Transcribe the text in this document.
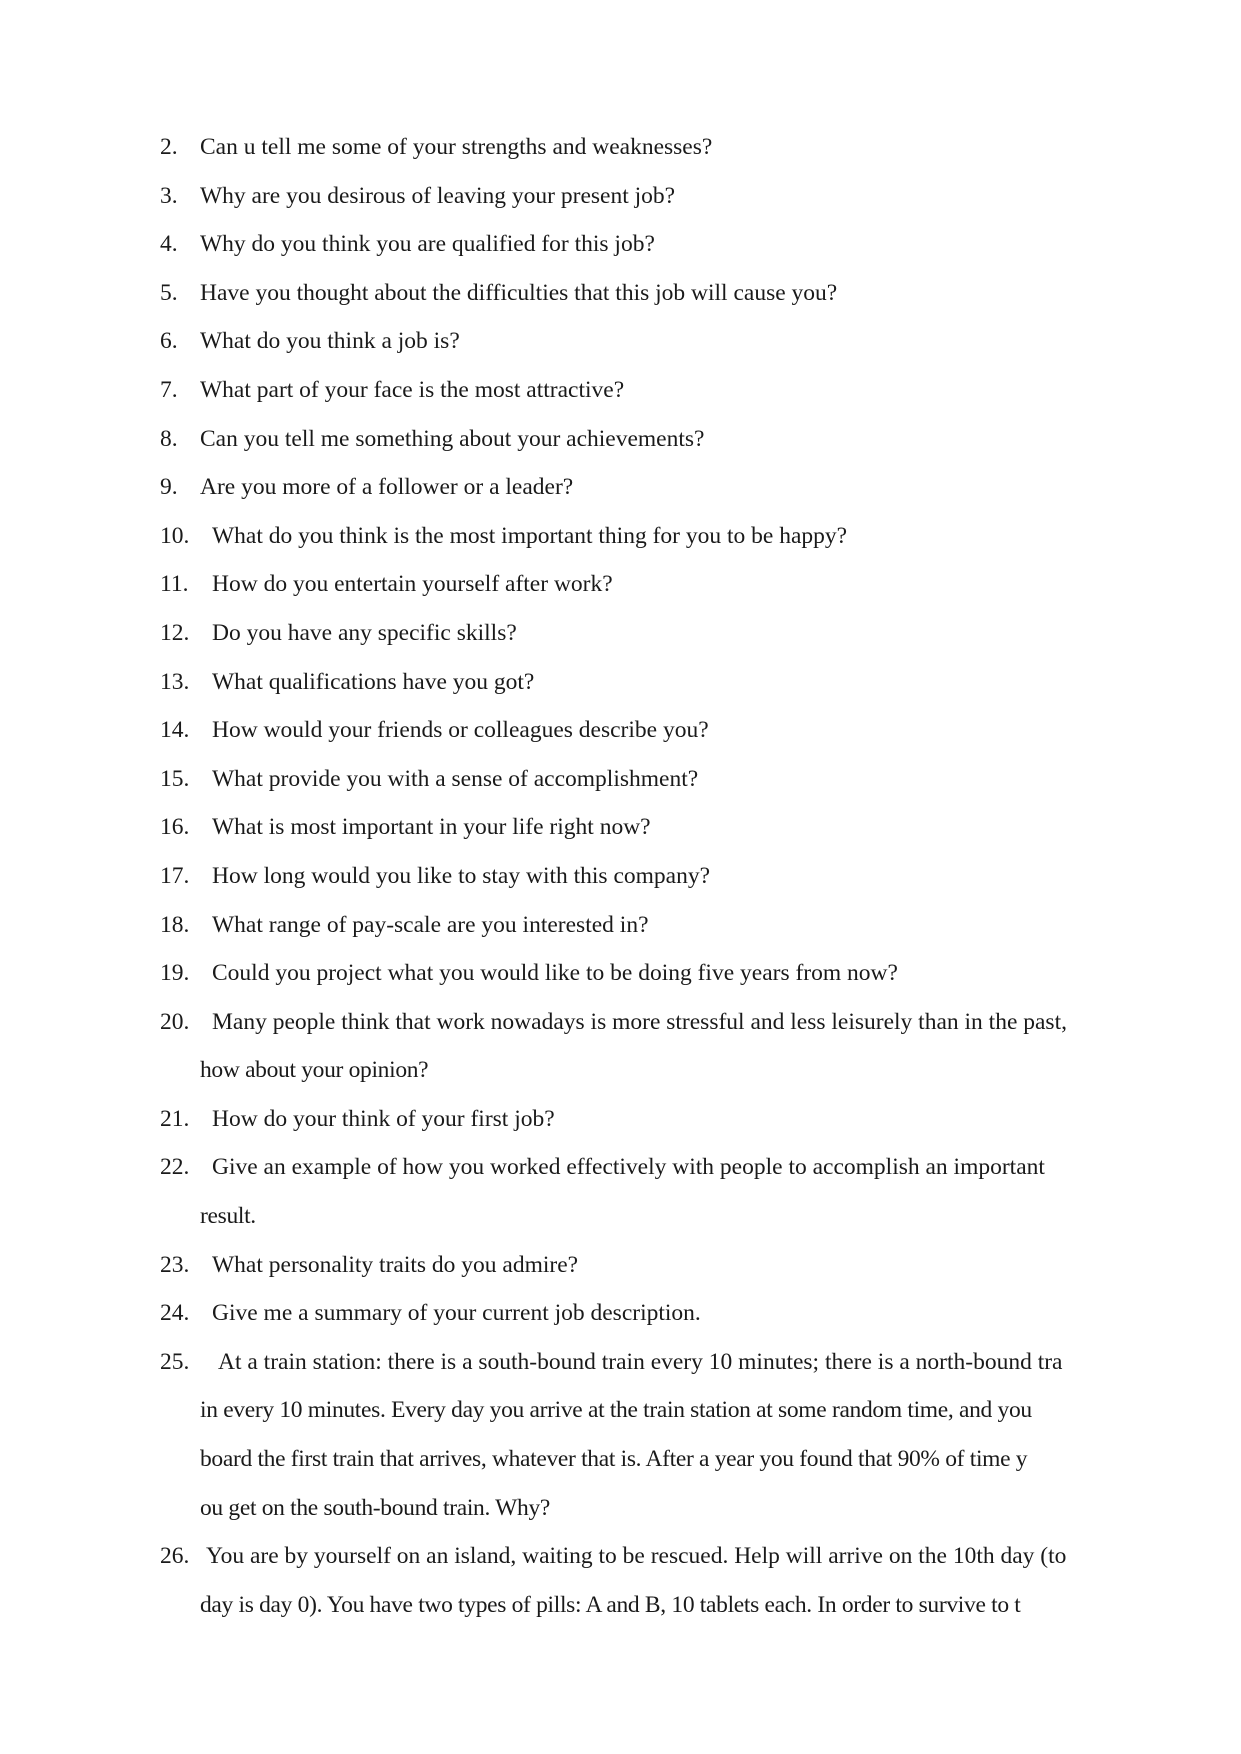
2. Can u tell me some of your strengths and weaknesses?
3. Why are you desirous of leaving your present job?
4. Why do you think you are qualified for this job?
5. Have you thought about the difficulties that this job will cause you?
6. What do you think a job is?
7. What part of your face is the most attractive?
8. Can you tell me something about your achievements?
9. Are you more of a follower or a leader?
10. What do you think is the most important thing for you to be happy?
11. How do you entertain yourself after work?
12. Do you have any specific skills?
13. What qualifications have you got?
14. How would your friends or colleagues describe you?
15. What provide you with a sense of accomplishment?
16. What is most important in your life right now?
17. How long would you like to stay with this company?
18. What range of pay-scale are you interested in?
19. Could you project what you would like to be doing five years from now?
20. Many people think that work nowadays is more stressful and less leisurely than in the past,
how about your opinion?
21. How do your think of your first job?
22. Give an example of how you worked effectively with people to accomplish an important
result.
23. What personality traits do you admire?
24. Give me a summary of your current job description.
25. At a train station: there is a south-bound train every 10 minutes; there is a north-bound tra
in every 10 minutes. Every day you arrive at the train station at some random time, and you
board the first train that arrives, whatever that is. After a year you found that 90% of time y
ou get on the south-bound train. Why?
26. You are by yourself on an island, waiting to be rescued. Help will arrive on the 10th day (to
day is day 0). You have two types of pills: A and B, 10 tablets each. In order to survive to t
